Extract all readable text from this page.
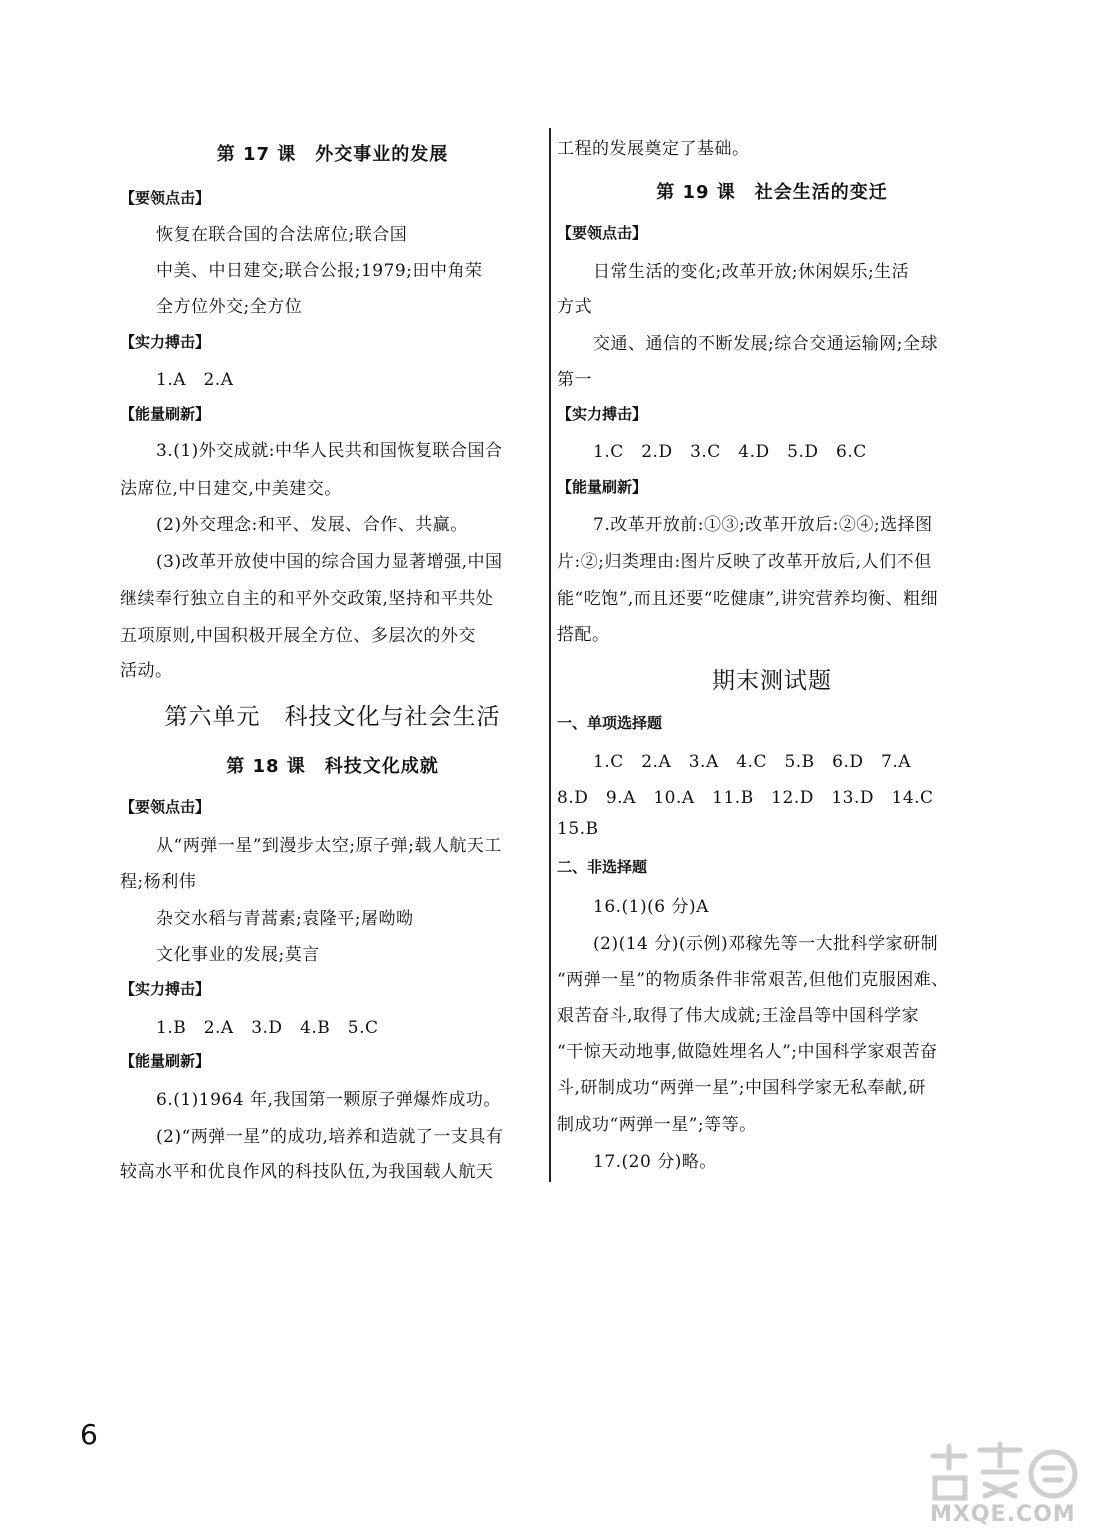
第 17 课　外交事业的发展
【要领点击】
恢复在联合国的合法席位;联合国
中美、中日建交;联合公报;1979;田中角荣
全方位外交;全方位
【实力搏击】
1.A　2.A
【能量刷新】
3.(1)外交成就:中华人民共和国恢复联合国合
法席位,中日建交,中美建交。
(2)外交理念:和平、发展、合作、共赢。
(3)改革开放使中国的综合国力显著增强,中国
继续奉行独立自主的和平外交政策,坚持和平共处
五项原则,中国积极开展全方位、多层次的外交
活动。
第六单元　科技文化与社会生活
第 18 课　科技文化成就
【要领点击】
从“两弹一星”到漫步太空;原子弹;载人航天工
程;杨利伟
杂交水稻与青蒿素;袁隆平;屠呦呦
文化事业的发展;莫言
【实力搏击】
1.B　2.A　3.D　4.B　5.C
【能量刷新】
6.(1)1964 年,我国第一颗原子弹爆炸成功。
(2)“两弹一星”的成功,培养和造就了一支具有
较高水平和优良作风的科技队伍,为我国载人航天
工程的发展奠定了基础。
第 19 课　社会生活的变迁
【要领点击】
日常生活的变化;改革开放;休闲娱乐;生活
方式
交通、通信的不断发展;综合交通运输网;全球
第一
【实力搏击】
1.C　2.D　3.C　4.D　5.D　6.C
【能量刷新】
7.改革开放前:①③;改革开放后:②④;选择图
片:②;归类理由:图片反映了改革开放后,人们不但
能“吃饱”,而且还要“吃健康”,讲究营养均衡、粗细
搭配。
期末测试题
一、单项选择题
1.C　2.A　3.A　4.C　5.B　6.D　7.A
8.D　9.A　10.A　11.B　12.D　13.D　14.C
15.B
二、非选择题
16.(1)(6 分)A
(2)(14 分)(示例)邓稼先等一大批科学家研制
“两弹一星”的物质条件非常艰苦,但他们克服困难、
艰苦奋斗,取得了伟大成就;王淦昌等中国科学家
“干惊天动地事,做隐姓埋名人”;中国科学家艰苦奋
斗,研制成功“两弹一星”;中国科学家无私奉献,研
制成功“两弹一星”;等等。
17.(20 分)略。
6
MXQE.COM
